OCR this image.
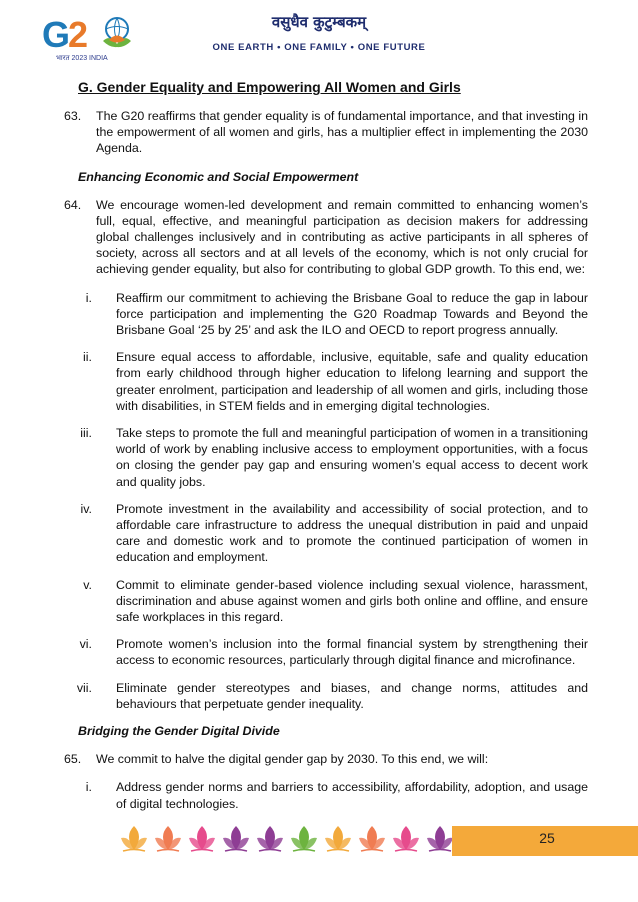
G2
भारत 2023 INDIA
वसुधैव कुटुम्बकम्
ONE EARTH • ONE FAMILY • ONE FUTURE
G. Gender Equality and Empowering All Women and Girls
63. The G20 reaffirms that gender equality is of fundamental importance, and that investing in the empowerment of all women and girls, has a multiplier effect in implementing the 2030 Agenda.
Enhancing Economic and Social Empowerment
64. We encourage women-led development and remain committed to enhancing women’s full, equal, effective, and meaningful participation as decision makers for addressing global challenges inclusively and in contributing as active participants in all spheres of society, across all sectors and at all levels of the economy, which is not only crucial for achieving gender equality, but also for contributing to global GDP growth. To this end, we:
i.	Reaffirm our commitment to achieving the Brisbane Goal to reduce the gap in labour force participation and implementing the G20 Roadmap Towards and Beyond the Brisbane Goal ‘25 by 25’ and ask the ILO and OECD to report progress annually.
ii.	Ensure equal access to affordable, inclusive, equitable, safe and quality education from early childhood through higher education to lifelong learning and support the greater enrolment, participation and leadership of all women and girls, including those with disabilities, in STEM fields and in emerging digital technologies.
iii.	Take steps to promote the full and meaningful participation of women in a transitioning world of work by enabling inclusive access to employment opportunities, with a focus on closing the gender pay gap and ensuring women’s equal access to decent work and quality jobs.
iv.	Promote investment in the availability and accessibility of social protection, and to affordable care infrastructure to address the unequal distribution in paid and unpaid care and domestic work and to promote the continued participation of women in education and employment.
v.	Commit to eliminate gender-based violence including sexual violence, harassment, discrimination and abuse against women and girls both online and offline, and ensure safe workplaces in this regard.
vi.	Promote women’s inclusion into the formal financial system by strengthening their access to economic resources, particularly through digital finance and microfinance.
vii.	Eliminate gender stereotypes and biases, and change norms, attitudes and behaviours that perpetuate gender inequality.
Bridging the Gender Digital Divide
65. We commit to halve the digital gender gap by 2030. To this end, we will:
i.	Address gender norms and barriers to accessibility, affordability, adoption, and usage of digital technologies.
25
